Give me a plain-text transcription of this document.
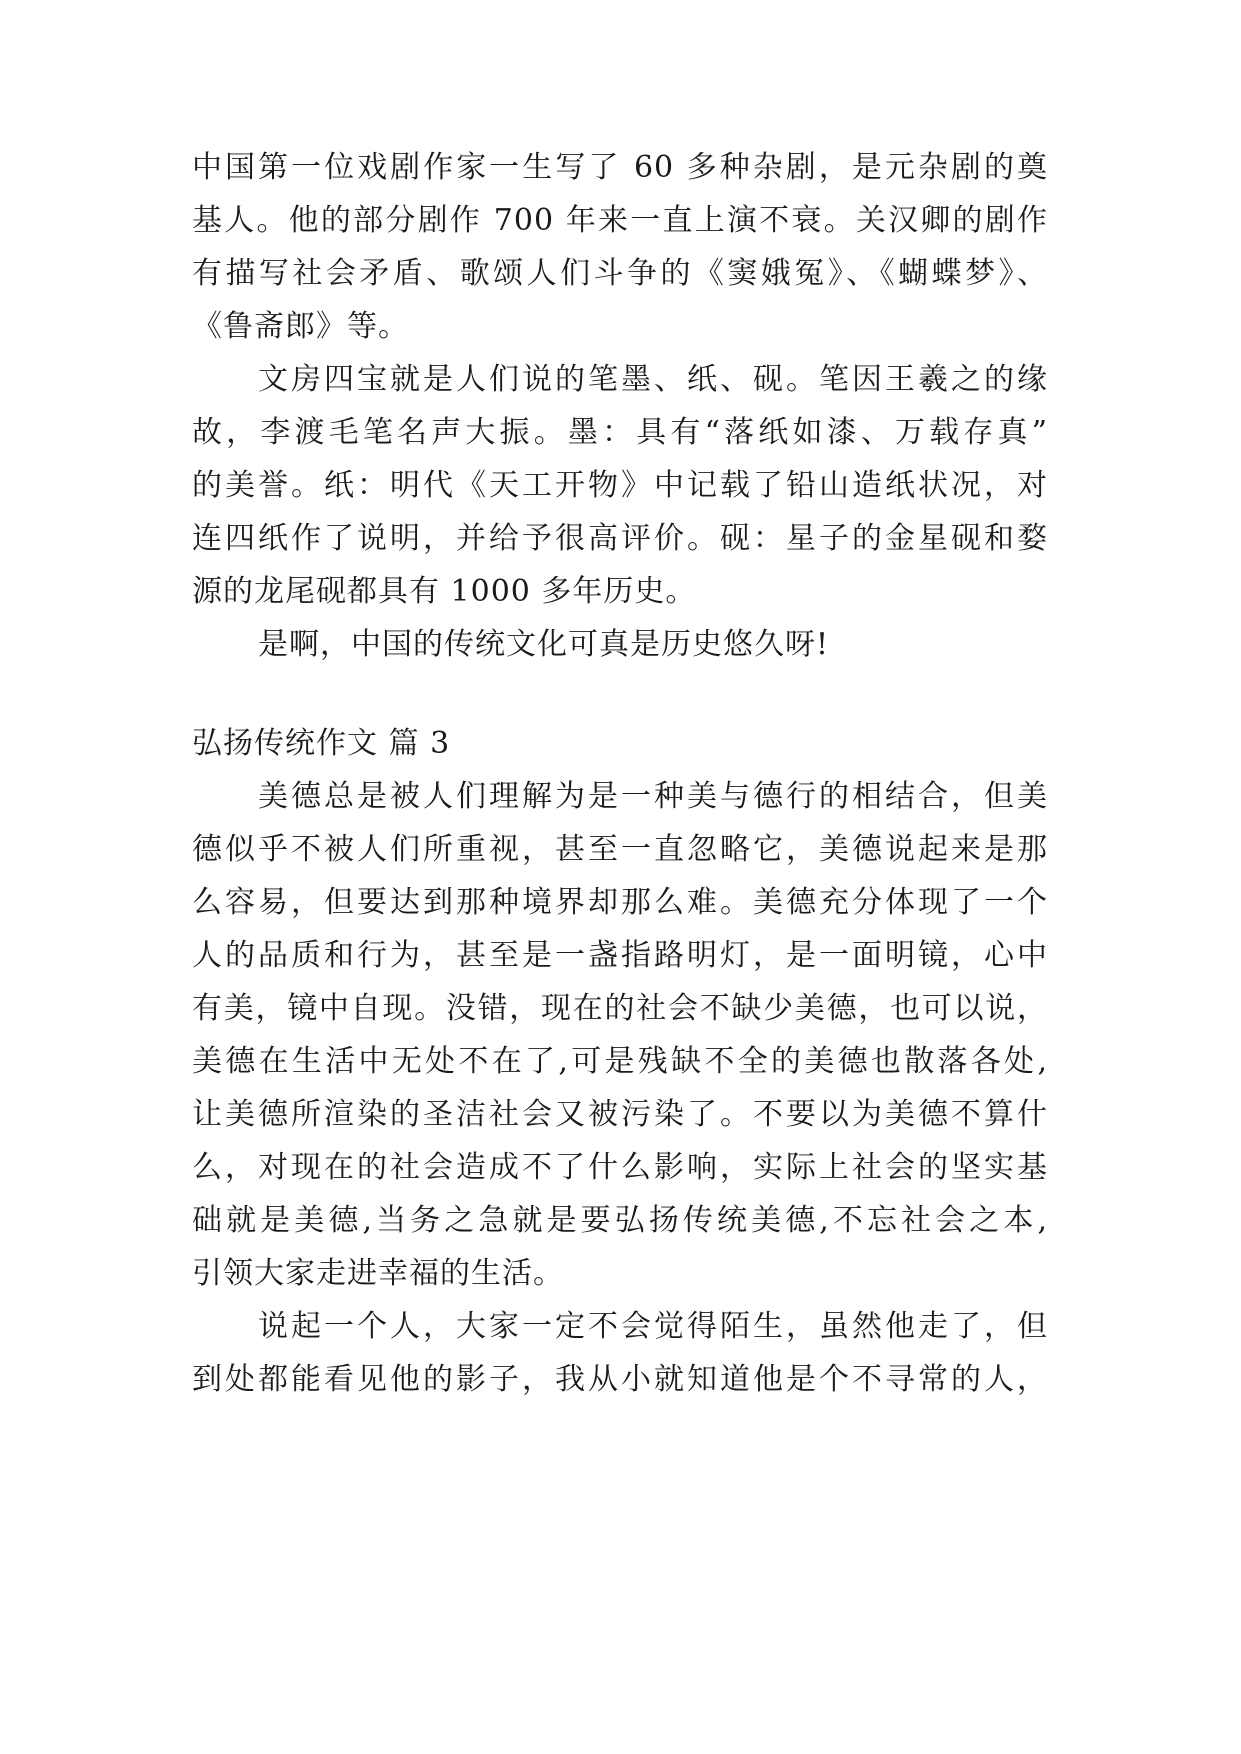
中国第一位戏剧作家一生写了 60 多种杂剧，是元杂剧的奠
基人。他的部分剧作 700 年来一直上演不衰。关汉卿的剧作
有描写社会矛盾、歌颂人们斗争的《窦娥冤》、《蝴蝶梦》、
《鲁斋郎》等。
文房四宝就是人们说的笔墨、纸、砚。笔因王羲之的缘
故，李渡毛笔名声大振。墨：具有“落纸如漆、万载存真”
的美誉。纸：明代《天工开物》中记载了铅山造纸状况，对
连四纸作了说明，并给予很高评价。砚：星子的金星砚和婺
源的龙尾砚都具有 1000 多年历史。
是啊，中国的传统文化可真是历史悠久呀!
弘扬传统作文 篇 3
美德总是被人们理解为是一种美与德行的相结合，但美
德似乎不被人们所重视，甚至一直忽略它，美德说起来是那
么容易，但要达到那种境界却那么难。美德充分体现了一个
人的品质和行为，甚至是一盏指路明灯，是一面明镜，心中
有美，镜中自现。没错，现在的社会不缺少美德，也可以说，
美德在生活中无处不在了,可是残缺不全的美德也散落各处,
让美德所渲染的圣洁社会又被污染了。不要以为美德不算什
么，对现在的社会造成不了什么影响，实际上社会的坚实基
础就是美德,当务之急就是要弘扬传统美德,不忘社会之本,
引领大家走进幸福的生活。
说起一个人，大家一定不会觉得陌生，虽然他走了，但
到处都能看见他的影子，我从小就知道他是个不寻常的人，
